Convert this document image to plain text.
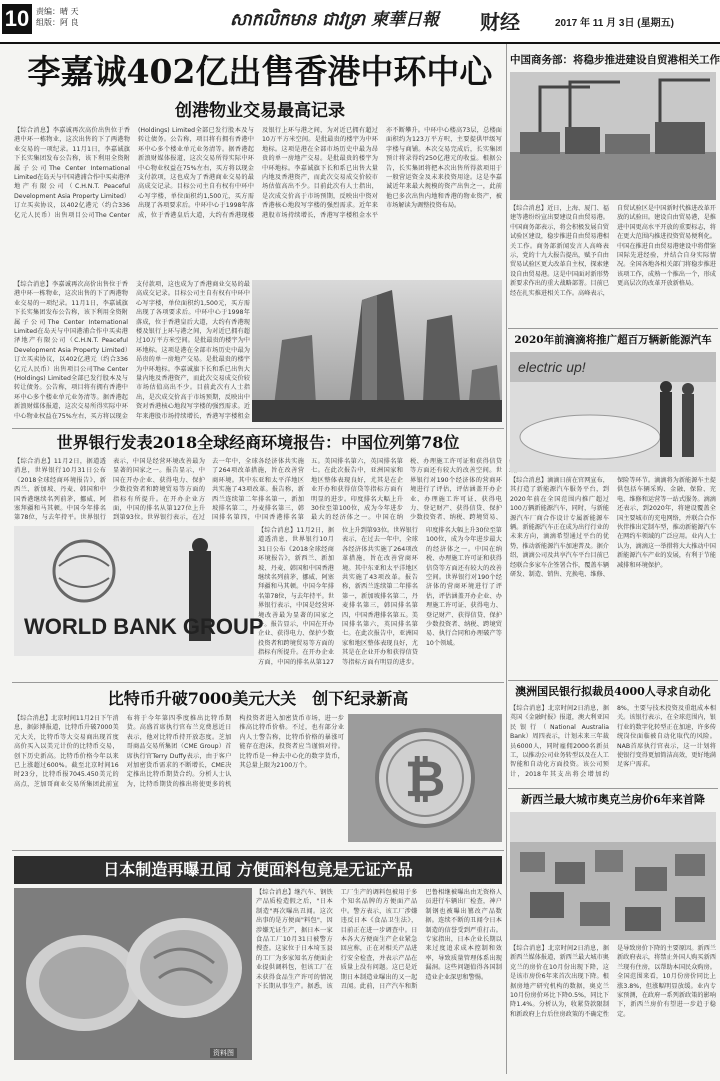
10 责编：晴 天
组版：阿 良	សាកលិកមាន ជាវទ្រា 柬華日報	财经	2017 年 11 月 3日 (星期五)
李嘉诚402亿出售香港中环中心
创港物业交易最高记录
【综合消息】李嘉诚再次高价出售位于香港中环一栋物业，这次出售的下了两港物业交易的一项纪录。11月1日，李嘉诚旗下长实集团发布公告称，该下利用全资附属子公司The Center International Limited在岛天与中国港浦合作中买卖港泽地产有限公司（C.H.N.T. Peaceful Development Asia Property Limited）订立买卖协议，以402亿港元（约合336亿元人民币）出售项目公司The Center (Holdings) Limited全部已发行股本及与转让债务。公告称，项目将有拥有香港中环中心多个楼业单元业务清等。据香港起新浪财媒体报道，这次交易所得实际中环中心物业权益在75%左右，买方将以现金支付款项，这也成为了香港商业交易的最高成交记录。目标公司主自有权有中环中心写字楼，单位面积约1,500元，买方需出现了各项要求后。中环中心于1998年落成，位于香港皇后大道，大约有香港现楼及银行上环与港之间，为对近已拥有超过10万平方米空间。是批最贵的楼宇为中环地标。这项是港在全部市场历史中最为昂贵的单一房地产交易。是批最贵的楼宇为中环地标。李嘉诚旗下长和系已出售大量内地及香港资产，而此次交易成交价较市场估值高出不少。目前此次有人士指出，是次成交价高于市场预期，反映出中资对香港核心地段写字楼的强烈需求。近年来港股市场持续增长，香港写字楼租金水平亦不断攀升。中环中心楼高73层，总楼面面积约为123万平方呎，主要提供甲级写字楼与商铺。本次交易完成后，长实集团预计将录得约250亿港元的收益。根据公告，长实集团将把本次出售所得款项用于一般营运资金及未来投资用途。这是李嘉诚近年来最大规模的资产出售之一，此前他已多次出售内地和香港的物业资产，被市场解读为调整投资布局。
【综合消息】李嘉诚再次高价出售位于香港中环一栋物业，这次出售的下了两港物业交易的一项纪录。11月1日，李嘉诚旗下长实集团发布公告称，该下利用全资附属子公司The Center International Limited在岛天与中国港浦合作中买卖港泽地产有限公司（C.H.N.T. Peaceful Development Asia Property Limited）订立买卖协议，以402亿港元（约合336亿元人民币）出售项目公司The Center (Holdings) Limited全部已发行股本及与转让债务。公告称，项目将有拥有香港中环中心多个楼业单元业务清等。据香港起新浪财媒体报道，这次交易所得实际中环中心物业权益在75%左右，买方将以现金支付款项，这也成为了香港商业交易的最高成交记录。目标公司主自有权有中环中心写字楼，单位面积约1,500元，买方需出现了各项要求后。中环中心于1998年落成，位于香港皇后大道，大约有香港现楼及银行上环与港之间，为对近已拥有超过10万平方米空间。是批最贵的楼宇为中环地标。这项是港在全部市场历史中最为昂贵的单一房地产交易。是批最贵的楼宇为中环地标。李嘉诚旗下长和系已出售大量内地及香港资产，而此次交易成交价较市场估值高出不少。目前此次有人士指出，是次成交价高于市场预期，反映出中资对香港核心地段写字楼的强烈需求。近年来港股市场持续增长，香港写字楼租金
世界银行发表2018全球经商环境报告：中国位列第78位
【综合消息】11月2日，据道透消息，世界银行10月31日公布《2018全球经商环境报告》，新西兰、新加坡、丹麦、韩国和中国香港继续名列前茅，挪威、阿塞拜疆和马其顿。中国今年排名第78位，与去年持平。世界银行表示，中国是经营环境改善最为显著的国家之一。报告显示，中国在开办企业、获得电力、保护少数投资者和跨境贸易等方面的指标有所提升。在开办企业方面，中国的排名从第127位上升到第93位。世界银行表示，在过去一年中，全球各经济体共实施了264项改革措施，旨在改善营商环境。其中东亚和太平洋地区共实施了43项改革。报告称，新西兰连续第二年排名第一，新加坡排名第二，丹麦排名第三，韩国排名第四，中国香港排名第五。美国排名第六，英国排名第七。在此次报告中，亚洲国家和地区整体表现良好，尤其是在企业开办和获得信贷等指标方面有明显的进步。印度排名大幅上升30位至第100位，成为今年进步最大的经济体之一。中国在纳税、办理施工许可证和获得信贷等方面还有较大的改善空间。世界银行对190个经济体的营商环境进行了评估，评估涵盖开办企业、办理施工许可证、获得电力、登记财产、获得信贷、保护少数投资者、纳税、跨境贸易、
WORLD BANK GROUP
【综合消息】11月2日，据道透消息，世界银行10月31日公布《2018全球经商环境报告》，新西兰、新加坡、丹麦、韩国和中国香港继续名列前茅，挪威、阿塞拜疆和马其顿。中国今年排名第78位，与去年持平。世界银行表示，中国是经营环境改善最为显著的国家之一。报告显示，中国在开办企业、获得电力、保护少数投资者和跨境贸易等方面的指标有所提升。在开办企业方面，中国的排名从第127位上升到第93位。世界银行表示，在过去一年中，全球各经济体共实施了264项改革措施，旨在改善营商环境。其中东亚和太平洋地区共实施了43项改革。报告称，新西兰连续第二年排名第一，新加坡排名第二，丹麦排名第三，韩国排名第四，中国香港排名第五。美国排名第六，英国排名第七。在此次报告中，亚洲国家和地区整体表现良好，尤其是在企业开办和获得信贷等指标方面有明显的进步。印度排名大幅上升30位至第100位，成为今年进步最大的经济体之一。中国在纳税、办理施工许可证和获得信贷等方面还有较大的改善空间。世界银行对190个经济体的营商环境进行了评估，评估涵盖开办企业、办理施工许可证、获得电力、登记财产、获得信贷、保护少数投资者、纳税、跨境贸易、执行合同和办理破产等10个领域。
比特币升破7000美元大关　创下纪录新高
【综合消息】北京时间11月2日下午消息，据彭博报道，比特币升破7000美元大关，比特币等大交易商出现首度高价买入以美元计价的比特币交易，创下历史新高。比特币价格今年以来已上涨超过600%。截至北京时间16时23分，比特币报7045.450美元的高点，芝加哥商业交易所集团此前宣布将于今年第四季度推出比特币期货。高盛首席执行官布兰克费恩近日表示，他对比特币持开放态度。芝加哥商品交易所集团（CME Group）首席执行官Terry Duffy表示，由于客户对加密货币需求的不断增长，CME决定推出比特币期货合约。分析人士认为，比特币期货的推出将使更多的机构投资者进入加密货币市场，进一步推高比特币价格。不过，也有部分业内人士警告称，比特币价格的暴涨可能存在泡沫，投资者应当谨慎对待。比特币是一种去中心化的数字货币，其总量上限为2100万个。	₿
日本制造再曝丑闻 方便面料包竟是无证产品
资料图
【综合消息】继汽车、钢铁产品质检造假之后，"日本制造"再次曝出丑闻。这次出事的是方便面"料包"，因涉嫌无证生产，据日本一家食品工厂10月31日被警方搜查。这家位于日本埼玉县的工厂为多家知名方便面企业提供调料包，但该工厂在未获得食品生产许可的情况下长期从事生产。据悉，该工厂生产的调料包被用于多个知名品牌的方便面产品中。警方表示，该工厂涉嫌违反日本《食品卫生法》，目前正在进一步调查中。日本各大方便面生产企业紧急回应称，正在对相关产品进行安全检查，并表示产品在质量上没有问题。这已是近期日本制造业曝出的又一起丑闻。此前，日产汽车和斯巴鲁相继被曝出由无资格人员进行车辆出厂检查，神户制钢也被曝出篡改产品数据。连续不断的丑闻令日本制造的信誉受到严重打击。专家指出，日本企业长期以来过度追求成本控制和效率，导致质量管理体系出现漏洞。这些问题值得各国制造业企业深思和警惕。
中国商务部：将稳步推进建设自贸港相关工作
【综合消息】近日，上海、厦门、福建等港纷纷宣出要建设自由贸易港。中国商务部表示，将会积极发展自贸试验区建设，稳步推进自由贸易港相关工作。商务部新闻发言人高峰表示，党的十九大报告提出，赋予自由贸易试验区更大改革自主权，探索建设自由贸易港。这是中国面对新形势新要求作出的重大战略部署。目前已经在扎实推进相关工作。高峰表示，自贸试验区是中国新时代推进改革开放的试验田。建设自由贸易港，是推进中国更高水平开放的重要标志，将在更大范围内推进投资贸易便利化。中国在推进自由贸易港建设中将借鉴国际先进经验，并结合自身实际情况。全国各地各相关部门将稳步推进该项工作，成熟一个推出一个，形成更高层次的改革开放新格局。
2020年前滴滴将推广超百万辆新能源汽车
electric up!
【综合消息】滴滴日前在官网宣布，其打造了新能源汽车服务平台，到2020年前在全国范围内推广超过100万辆新能源汽车，同时，与新能源汽车厂商合作设计专属新能源车辆。新能源汽车正在成为出行行业的未来方向，滴滴希望通过平台的优势，推动新能源汽车加速普及。据介绍，滴滴公司及共享汽车平台目前已经联合多家车企签署合作，覆盖车辆研发、制造、销售、充换电、维修、保险等环节。滴滴将为新能源车主提供包括车辆采购、金融、保险、充电、维修和运营等一站式服务。滴滴还表示，到2020年，将建设覆盖全国主要城市的充电网络，并联合合作伙伴推出定制车型，推动新能源汽车在网约车领域的广泛应用。业内人士认为，滴滴这一举措将大大推动中国新能源汽车产业的发展，有利于节能减排和环境保护。
澳洲国民银行拟裁员4000人寻求自动化
【综合消息】北京时间2日消息，据英国《金融时报》报道，澳大利亚国民银行（National Australia Bank）周四表示，计划未来三年裁员6000人，同时雇佣2000名新员工，以推动公司业务转型以及在人工智能和自动化方面投资。该公司预计，2018年其支出将会增加约8%，主要与技术投资及重组成本相关。该银行表示，在全球范围内，银行业的数字化转型正在加速，许多传统岗位面临被自动化取代的风险。NAB首席执行官表示，这一计划将使银行变得更加简洁高效，更好地满足客户需求。
新西兰最大城市奥克兰房价6年来首降
【综合消息】北京时间2日消息，据新西兰媒体报道，新西兰最大城市奥克兰的房价在10月份出现下降，这是该市房价6年来首次出现下降。根据房地产研究机构的数据，奥克兰10月份房价环比下降0.5%，同比下降1.4%。分析认为，收紧贷款限制和新政府上台后住房政策的不确定性是导致房价下降的主要原因。新西兰新政府表示，将禁止外国人购买新西兰现有住房，以帮助本国民众购房。全国范围来看，10月份房价同比上涨3.8%，但涨幅明显放缓。业内专家预测，在政府一系列新政策的影响下，新西兰房价有望进一步趋于稳定。
